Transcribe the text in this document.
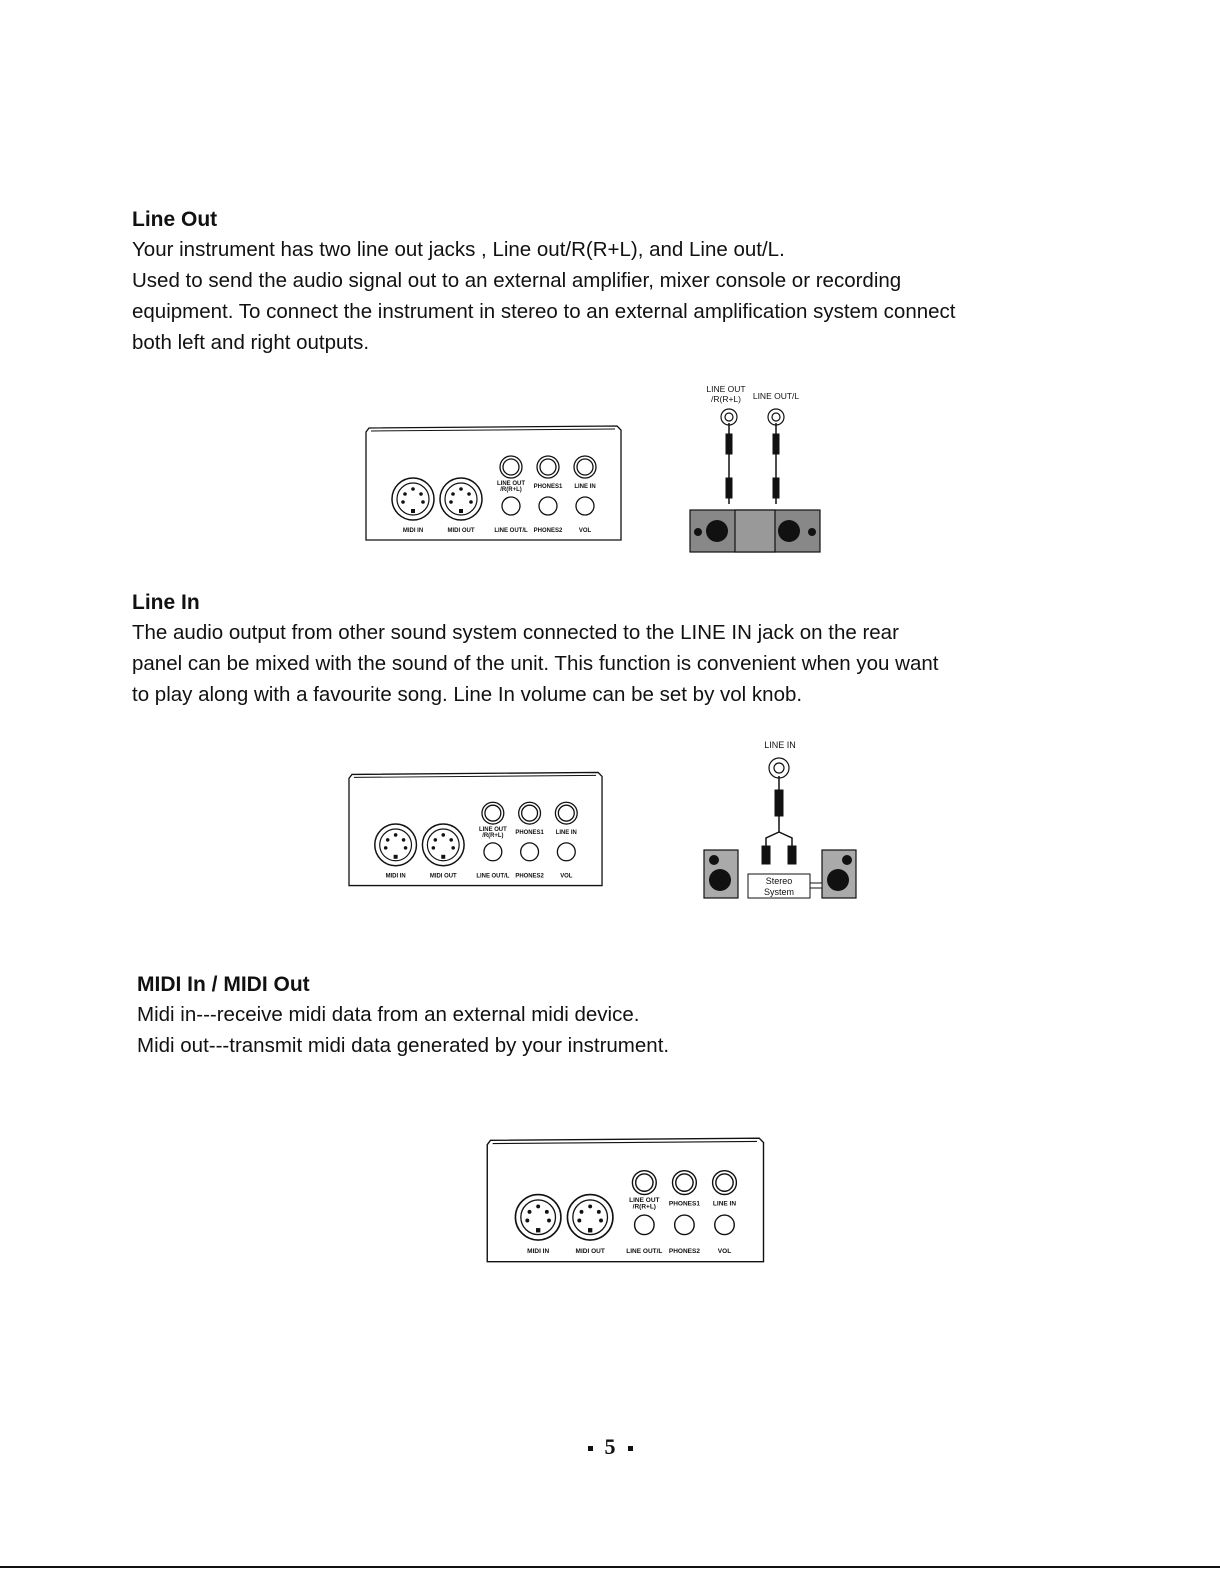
Line Out

Your instrument has two line out jacks , Line out/R(R+L), and Line out/L.
Used to send the audio signal out to an external amplifier, mixer console or recording
equipment. To connect the instrument in stereo to an external amplification system connect
both left and right outputs.

LINE OUT
/R(R+L) PHONES1 LINE IN
MIDI IN	MIDI OUT	LINE OUT/L PHONES2	VOL
LINE OUT
/R(R+L) LINE OUT/L
Line In

The audio output from other sound system connected to the LINE IN jack on the rear
panel can be mixed with the sound of the unit. This function is convenient when you want
to play along with a favourite song. Line In volume can be set by vol knob.

LINE OUT
/R(R+L) PHONES1 LINE IN
MIDI IN	MIDI OUT	LINE OUT/L PHONES2	VOL
LINE IN
Stereo
System
MIDI In / MIDI Out

Midi in---receive midi data from an external midi device.
Midi out---transmit midi data generated by your instrument.

LINE OUT
/R(R+L) PHONES1 LINE IN
MIDI IN	MIDI OUT	LINE OUT/L PHONES2	VOL
5
